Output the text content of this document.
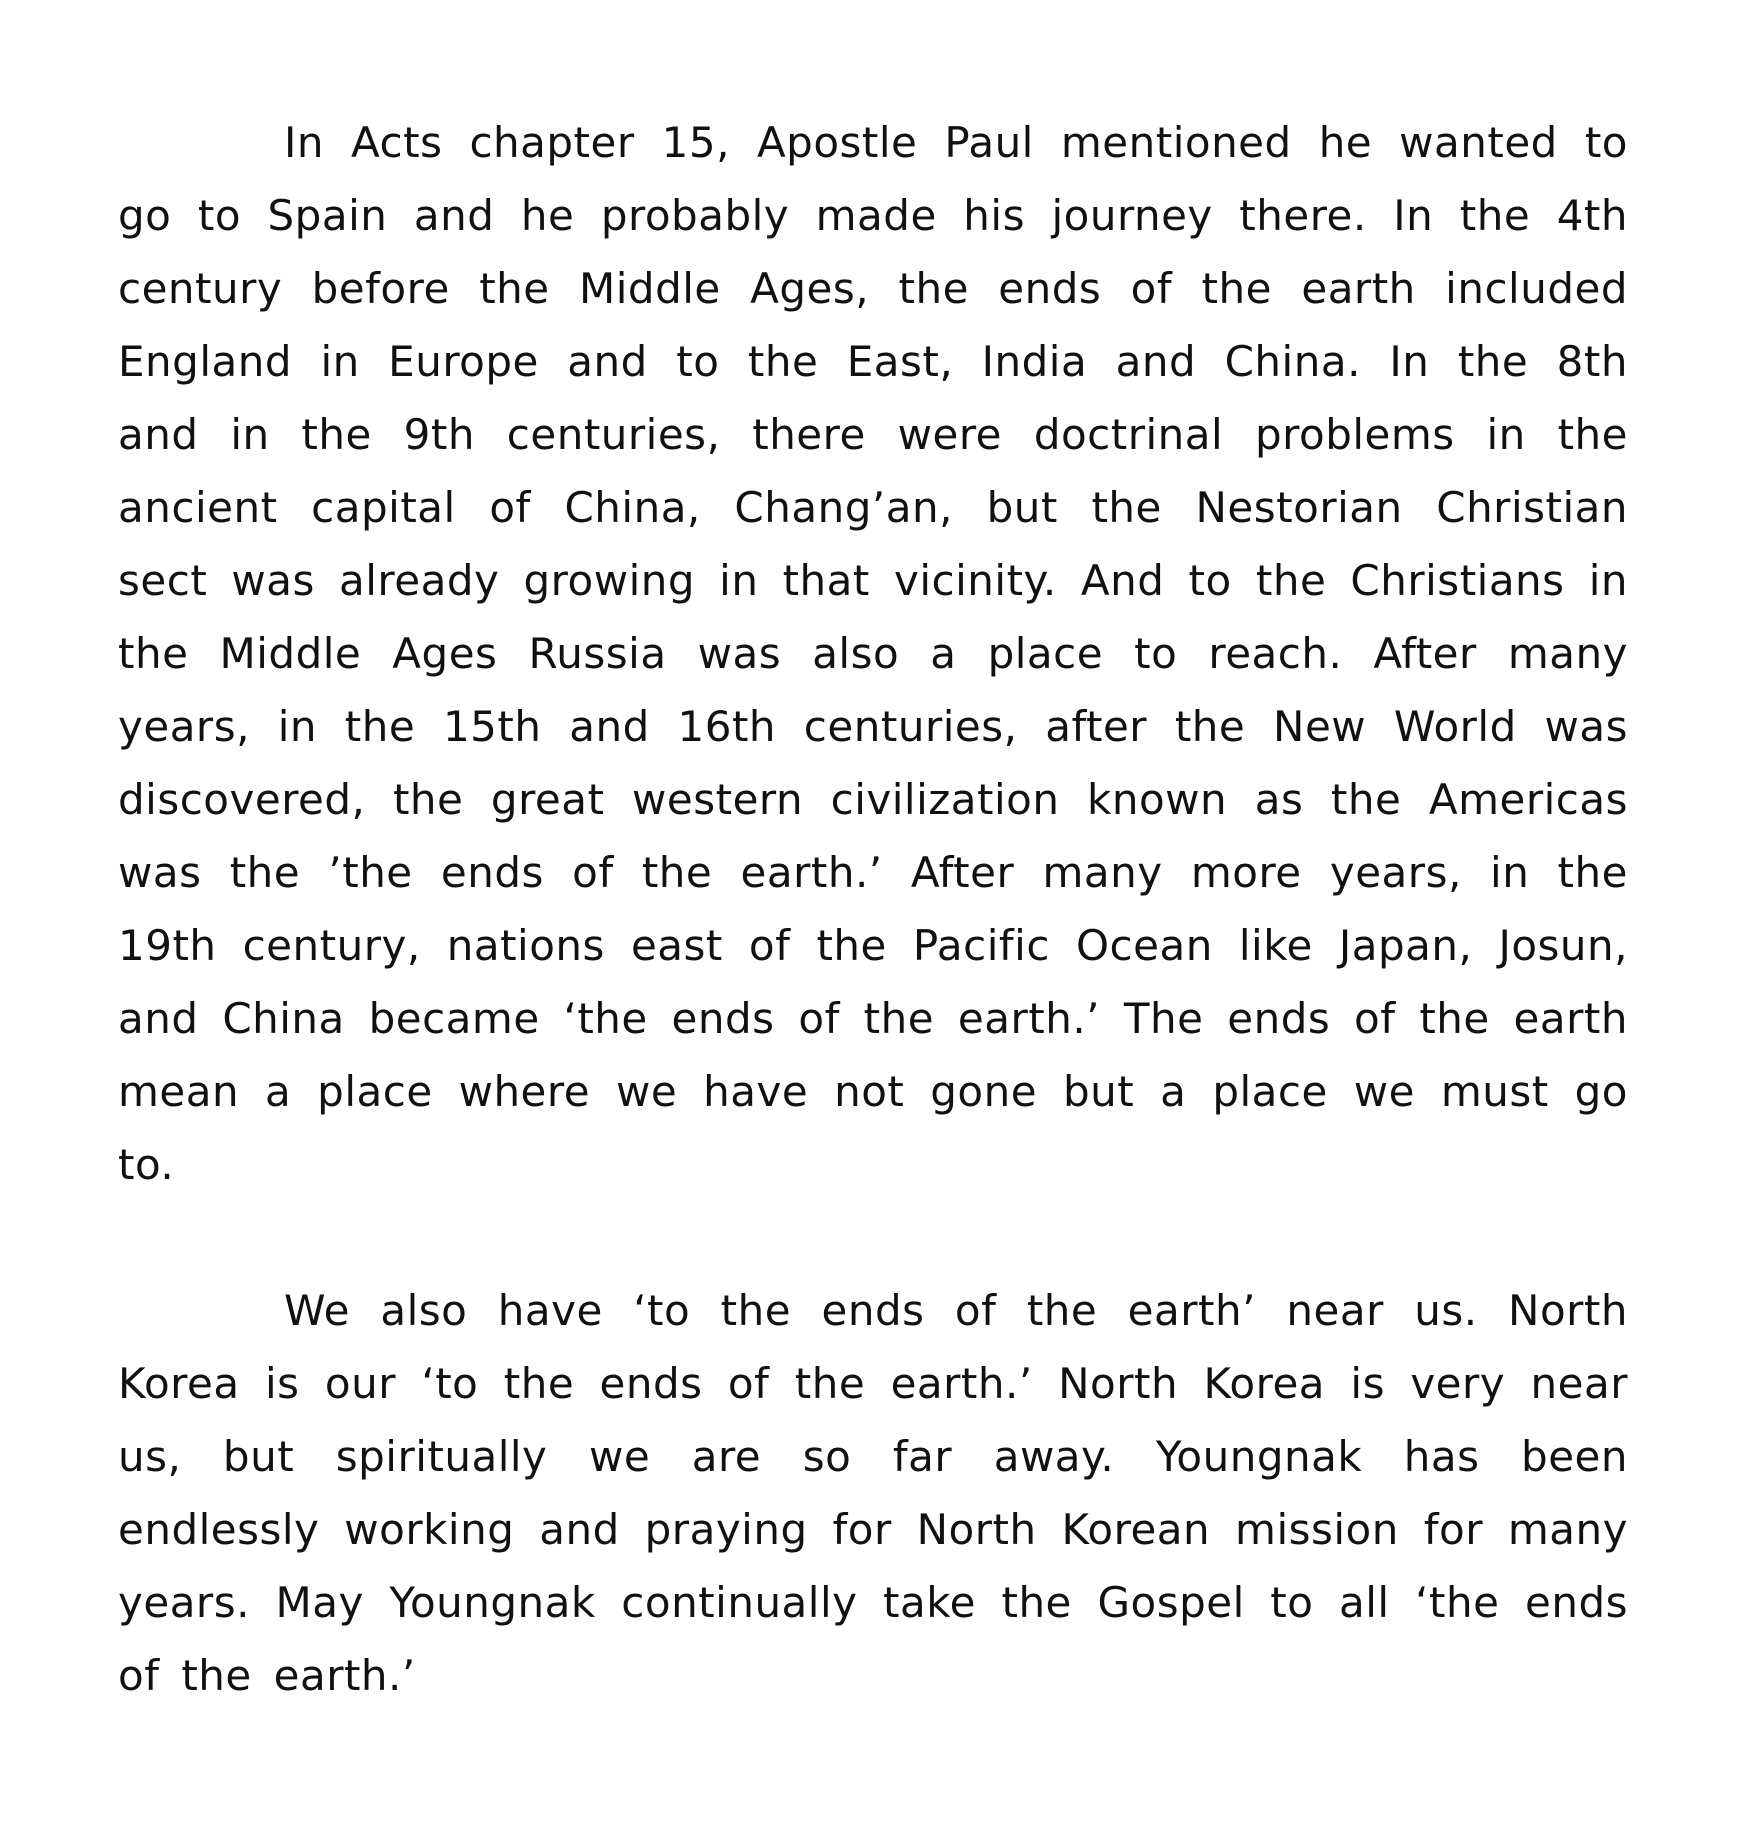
In Acts chapter 15, Apostle Paul mentioned he wanted to go to Spain and he probably made his journey there. In the 4th century before the Middle Ages, the ends of the earth included England in Europe and to the East, India and China. In the 8th and in the 9th centuries, there were doctrinal problems in the ancient capital of China, Chang’an, but the Nestorian Christian sect was already growing in that vicinity. And to the Christians in the Middle Ages Russia was also a place to reach. After many years, in the 15th and 16th centuries, after the New World was discovered, the great western civilization known as the Americas was the ’the ends of the earth.’ After many more years, in the 19th century, nations east of the Pacific Ocean like Japan, Josun, and China became ‘the ends of the earth.’ The ends of the earth mean a place where we have not gone but a place we must go to.

We also have ‘to the ends of the earth’ near us. North Korea is our ‘to the ends of the earth.’ North Korea is very near us, but spiritually we are so far away. Youngnak has been endlessly working and praying for North Korean mission for many years. May Youngnak continually take the Gospel to all ‘the ends of the earth.’
